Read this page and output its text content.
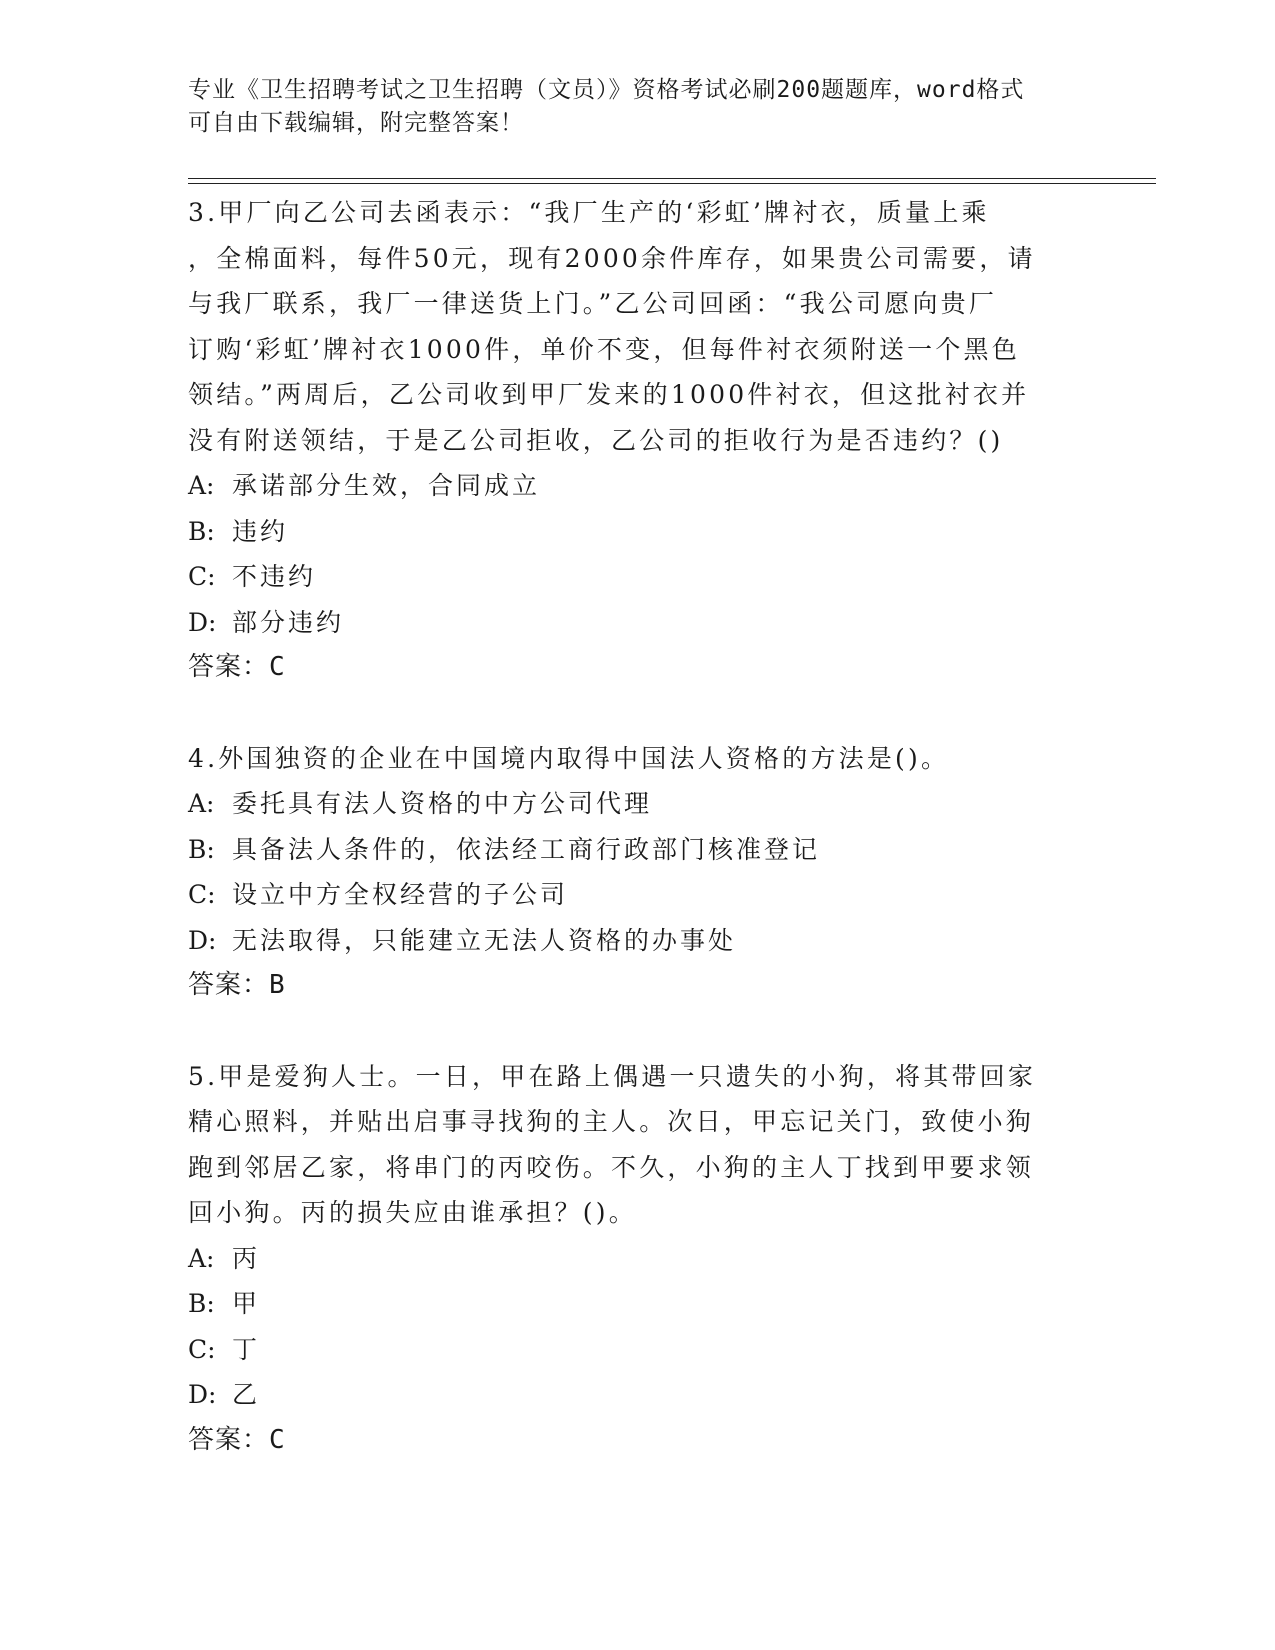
专业《卫生招聘考试之卫生招聘（文员）》资格考试必刷200题题库，word格式
可自由下载编辑，附完整答案！

3.甲厂向乙公司去函表示：“我厂生产的‘彩虹’牌衬衣，质量上乘

，全棉面料，每件50元，现有2000余件库存，如果贵公司需要，请

与我厂联系，我厂一律送货上门。”乙公司回函：“我公司愿向贵厂

订购‘彩虹’牌衬衣1000件，单价不变，但每件衬衣须附送一个黑色

领结。”两周后，乙公司收到甲厂发来的1000件衬衣，但这批衬衣并

没有附送领结，于是乙公司拒收，乙公司的拒收行为是否违约？()

A: 承诺部分生效，合同成立

B: 违约

C: 不违约

D: 部分违约

答案：C

4.外国独资的企业在中国境内取得中国法人资格的方法是()。

A: 委托具有法人资格的中方公司代理

B: 具备法人条件的，依法经工商行政部门核准登记

C: 设立中方全权经营的子公司

D: 无法取得，只能建立无法人资格的办事处

答案：B

5.甲是爱狗人士。一日，甲在路上偶遇一只遗失的小狗，将其带回家

精心照料，并贴出启事寻找狗的主人。次日，甲忘记关门，致使小狗

跑到邻居乙家，将串门的丙咬伤。不久，小狗的主人丁找到甲要求领

回小狗。丙的损失应由谁承担？()。

A: 丙

B: 甲

C: 丁

D: 乙

答案：C
